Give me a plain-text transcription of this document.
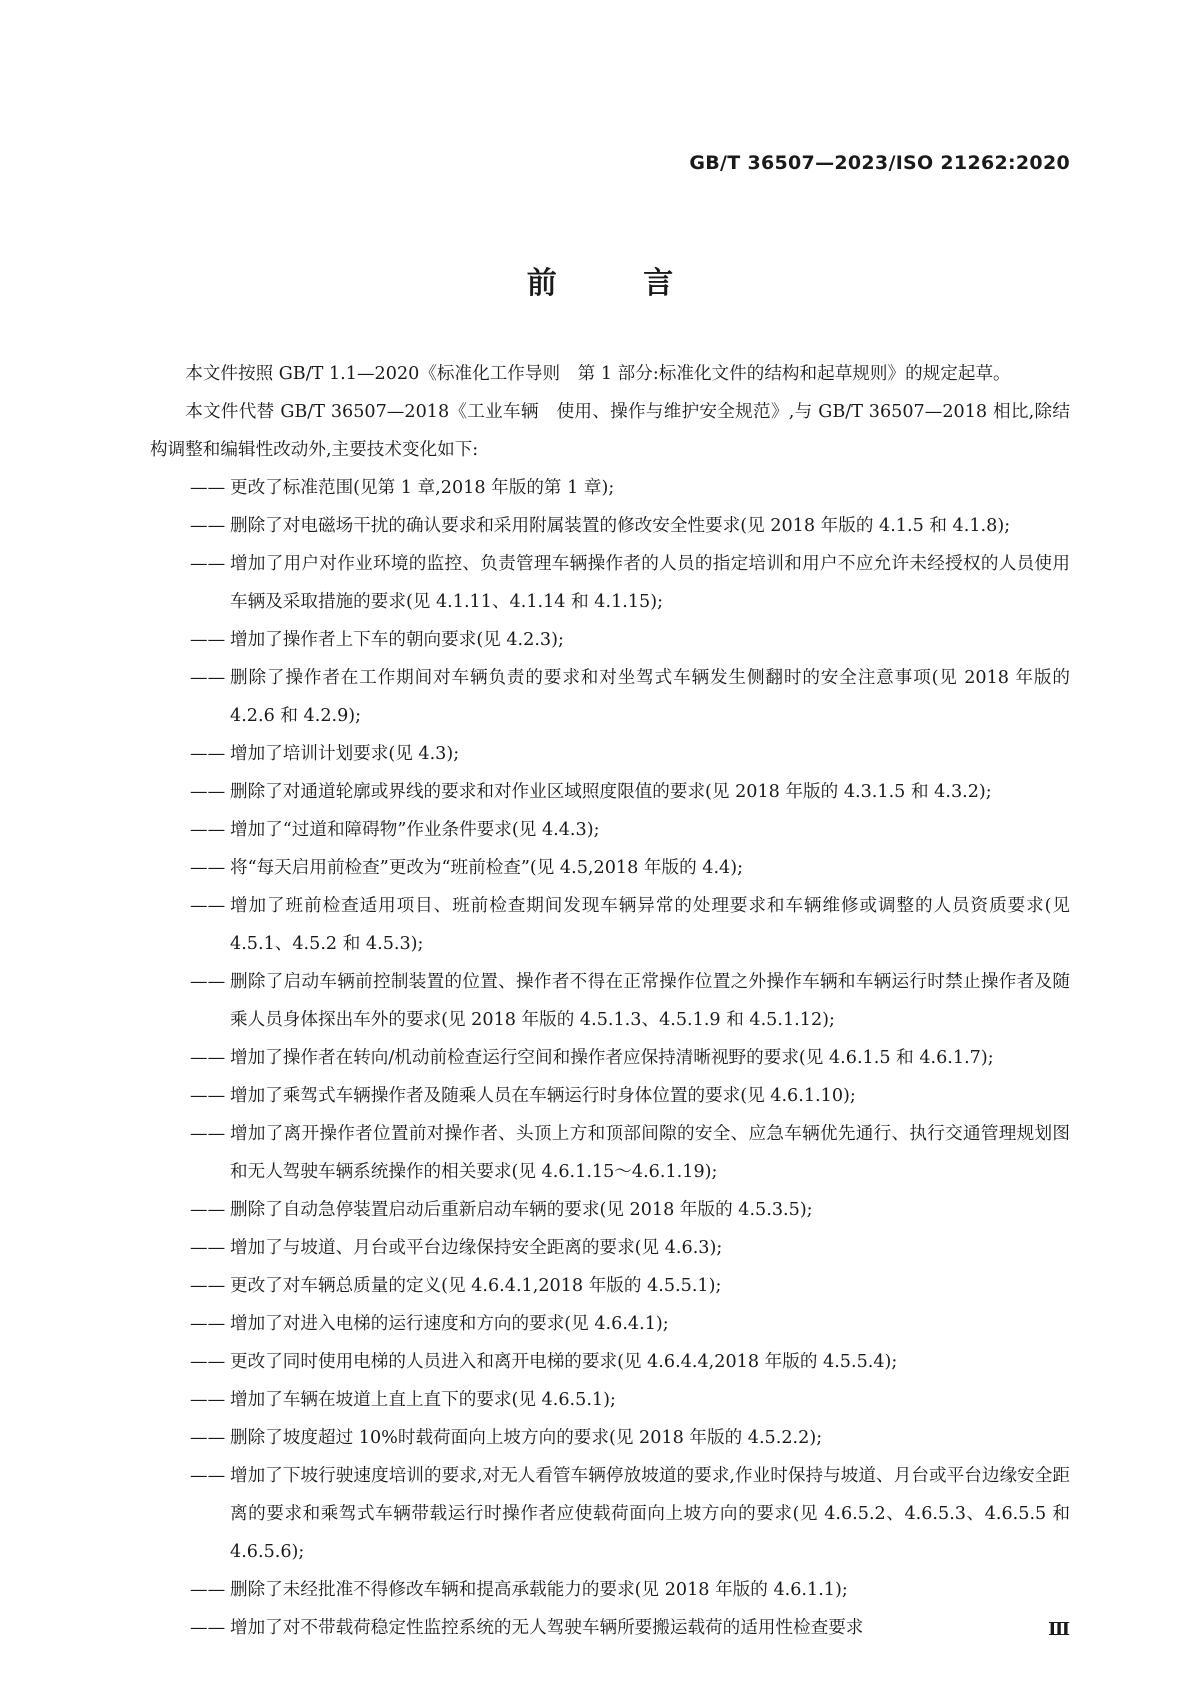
GB/T 36507—2023/ISO 21262:2020
前 言

本文件按照 GB/T 1.1—2020《标准化工作导则　第 1 部分:标准化文件的结构和起草规则》的规定起草。

本文件代替 GB/T 36507—2018《工业车辆　使用、操作与维护安全规范》,与 GB/T 36507—2018 相比,除结构调整和编辑性改动外,主要技术变化如下:

—— 更改了标准范围(见第 1 章,2018 年版的第 1 章);
—— 删除了对电磁场干扰的确认要求和采用附属装置的修改安全性要求(见 2018 年版的 4.1.5 和 4.1.8);
—— 增加了用户对作业环境的监控、负责管理车辆操作者的人员的指定培训和用户不应允许未经授权的人员使用车辆及采取措施的要求(见 4.1.11、4.1.14 和 4.1.15);
—— 增加了操作者上下车的朝向要求(见 4.2.3);
—— 删除了操作者在工作期间对车辆负责的要求和对坐驾式车辆发生侧翻时的安全注意事项(见 2018 年版的 4.2.6 和 4.2.9);
—— 增加了培训计划要求(见 4.3);
—— 删除了对通道轮廓或界线的要求和对作业区域照度限值的要求(见 2018 年版的 4.3.1.5 和 4.3.2);
—— 增加了“过道和障碍物”作业条件要求(见 4.4.3);
—— 将“每天启用前检查”更改为“班前检查”(见 4.5,2018 年版的 4.4);
—— 增加了班前检查适用项目、班前检查期间发现车辆异常的处理要求和车辆维修或调整的人员资质要求(见 4.5.1、4.5.2 和 4.5.3);
—— 删除了启动车辆前控制装置的位置、操作者不得在正常操作位置之外操作车辆和车辆运行时禁止操作者及随乘人员身体探出车外的要求(见 2018 年版的 4.5.1.3、4.5.1.9 和 4.5.1.12);
—— 增加了操作者在转向/机动前检查运行空间和操作者应保持清晰视野的要求(见 4.6.1.5 和 4.6.1.7);
—— 增加了乘驾式车辆操作者及随乘人员在车辆运行时身体位置的要求(见 4.6.1.10);
—— 增加了离开操作者位置前对操作者、头顶上方和顶部间隙的安全、应急车辆优先通行、执行交通管理规划图和无人驾驶车辆系统操作的相关要求(见 4.6.1.15～4.6.1.19);
—— 删除了自动急停装置启动后重新启动车辆的要求(见 2018 年版的 4.5.3.5);
—— 增加了与坡道、月台或平台边缘保持安全距离的要求(见 4.6.3);
—— 更改了对车辆总质量的定义(见 4.6.4.1,2018 年版的 4.5.5.1);
—— 增加了对进入电梯的运行速度和方向的要求(见 4.6.4.1);
—— 更改了同时使用电梯的人员进入和离开电梯的要求(见 4.6.4.4,2018 年版的 4.5.5.4);
—— 增加了车辆在坡道上直上直下的要求(见 4.6.5.1);
—— 删除了坡度超过 10%时载荷面向上坡方向的要求(见 2018 年版的 4.5.2.2);
—— 增加了下坡行驶速度培训的要求,对无人看管车辆停放坡道的要求,作业时保持与坡道、月台或平台边缘安全距离的要求和乘驾式车辆带载运行时操作者应使载荷面向上坡方向的要求(见 4.6.5.2、4.6.5.3、4.6.5.5 和 4.6.5.6);
—— 删除了未经批准不得修改车辆和提高承载能力的要求(见 2018 年版的 4.6.1.1);
—— 增加了对不带载荷稳定性监控系统的无人驾驶车辆所要搬运载荷的适用性检查要求	Ⅲ
